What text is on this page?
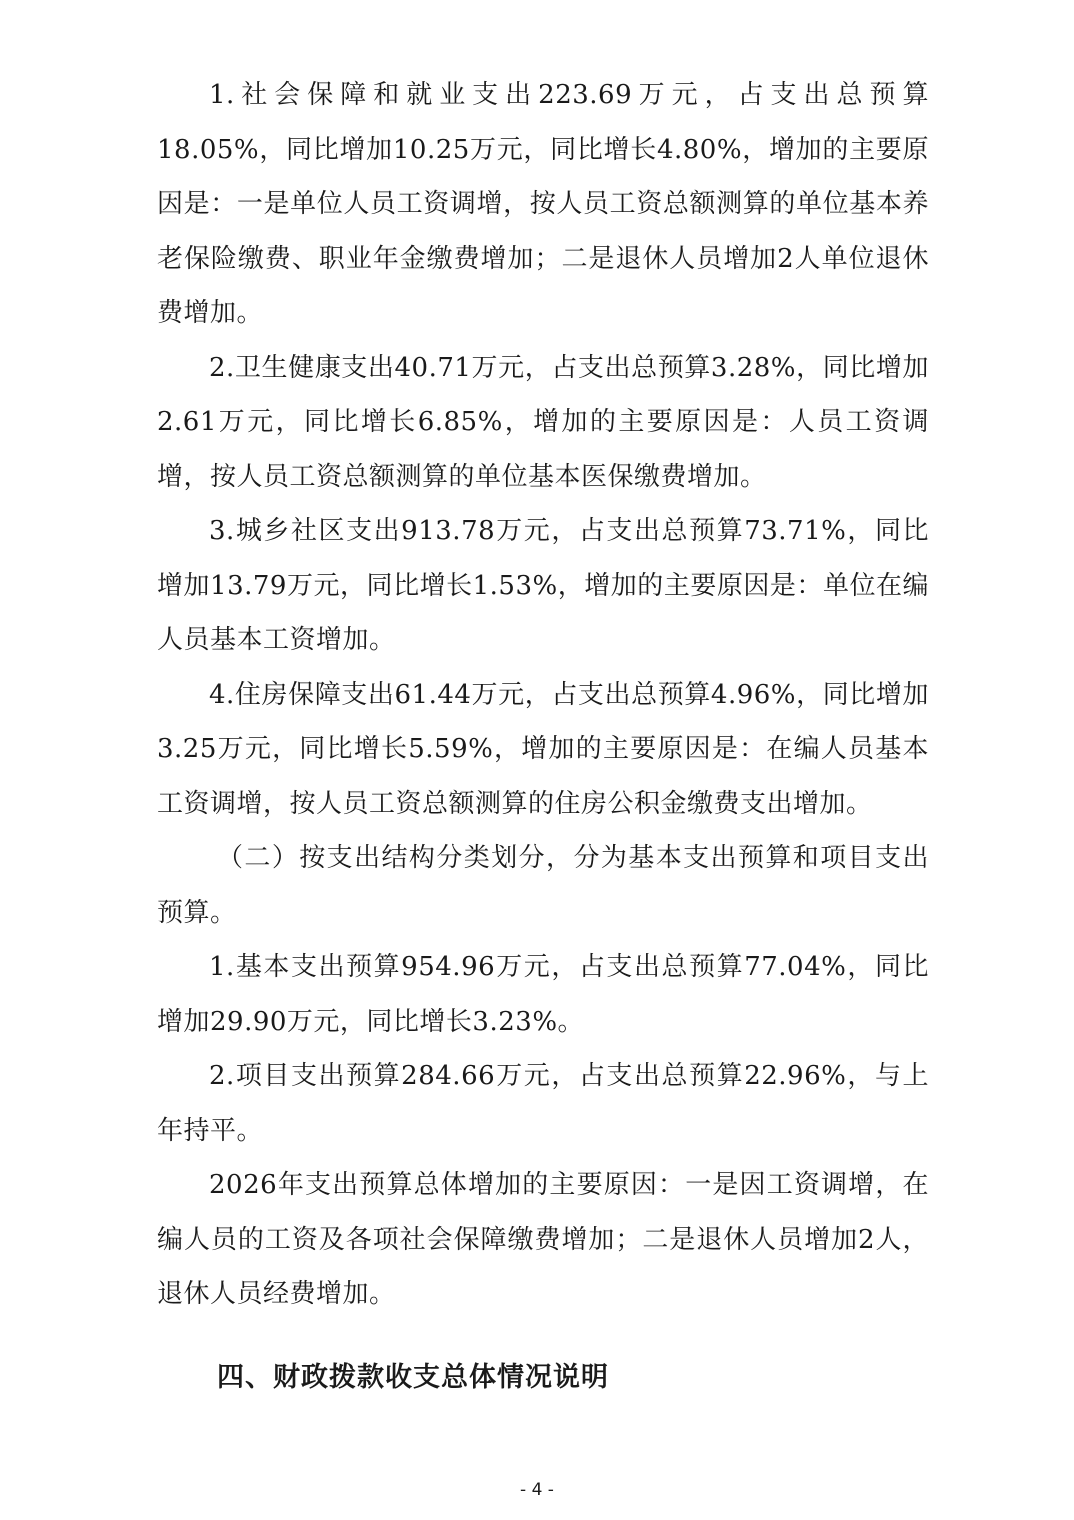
1.社会保障和就业支出223.69万元，占支出总预算18.05%，同比增加10.25万元，同比增长4.80%，增加的主要原因是：一是单位人员工资调增，按人员工资总额测算的单位基本养老保险缴费、职业年金缴费增加；二是退休人员增加2人单位退休费增加。

2.卫生健康支出40.71万元，占支出总预算3.28%，同比增加2.61万元，同比增长6.85%，增加的主要原因是：人员工资调增，按人员工资总额测算的单位基本医保缴费增加。

3.城乡社区支出913.78万元，占支出总预算73.71%，同比增加13.79万元，同比增长1.53%，增加的主要原因是：单位在编人员基本工资增加。

4.住房保障支出61.44万元，占支出总预算4.96%，同比增加3.25万元，同比增长5.59%，增加的主要原因是：在编人员基本工资调增，按人员工资总额测算的住房公积金缴费支出增加。

（二）按支出结构分类划分，分为基本支出预算和项目支出预算。

1.基本支出预算954.96万元，占支出总预算77.04%，同比增加29.90万元，同比增长3.23%。

2.项目支出预算284.66万元，占支出总预算22.96%，与上年持平。

2026年支出预算总体增加的主要原因：一是因工资调增，在编人员的工资及各项社会保障缴费增加；二是退休人员增加2人，退休人员经费增加。

四、财政拨款收支总体情况说明
- 4 -
